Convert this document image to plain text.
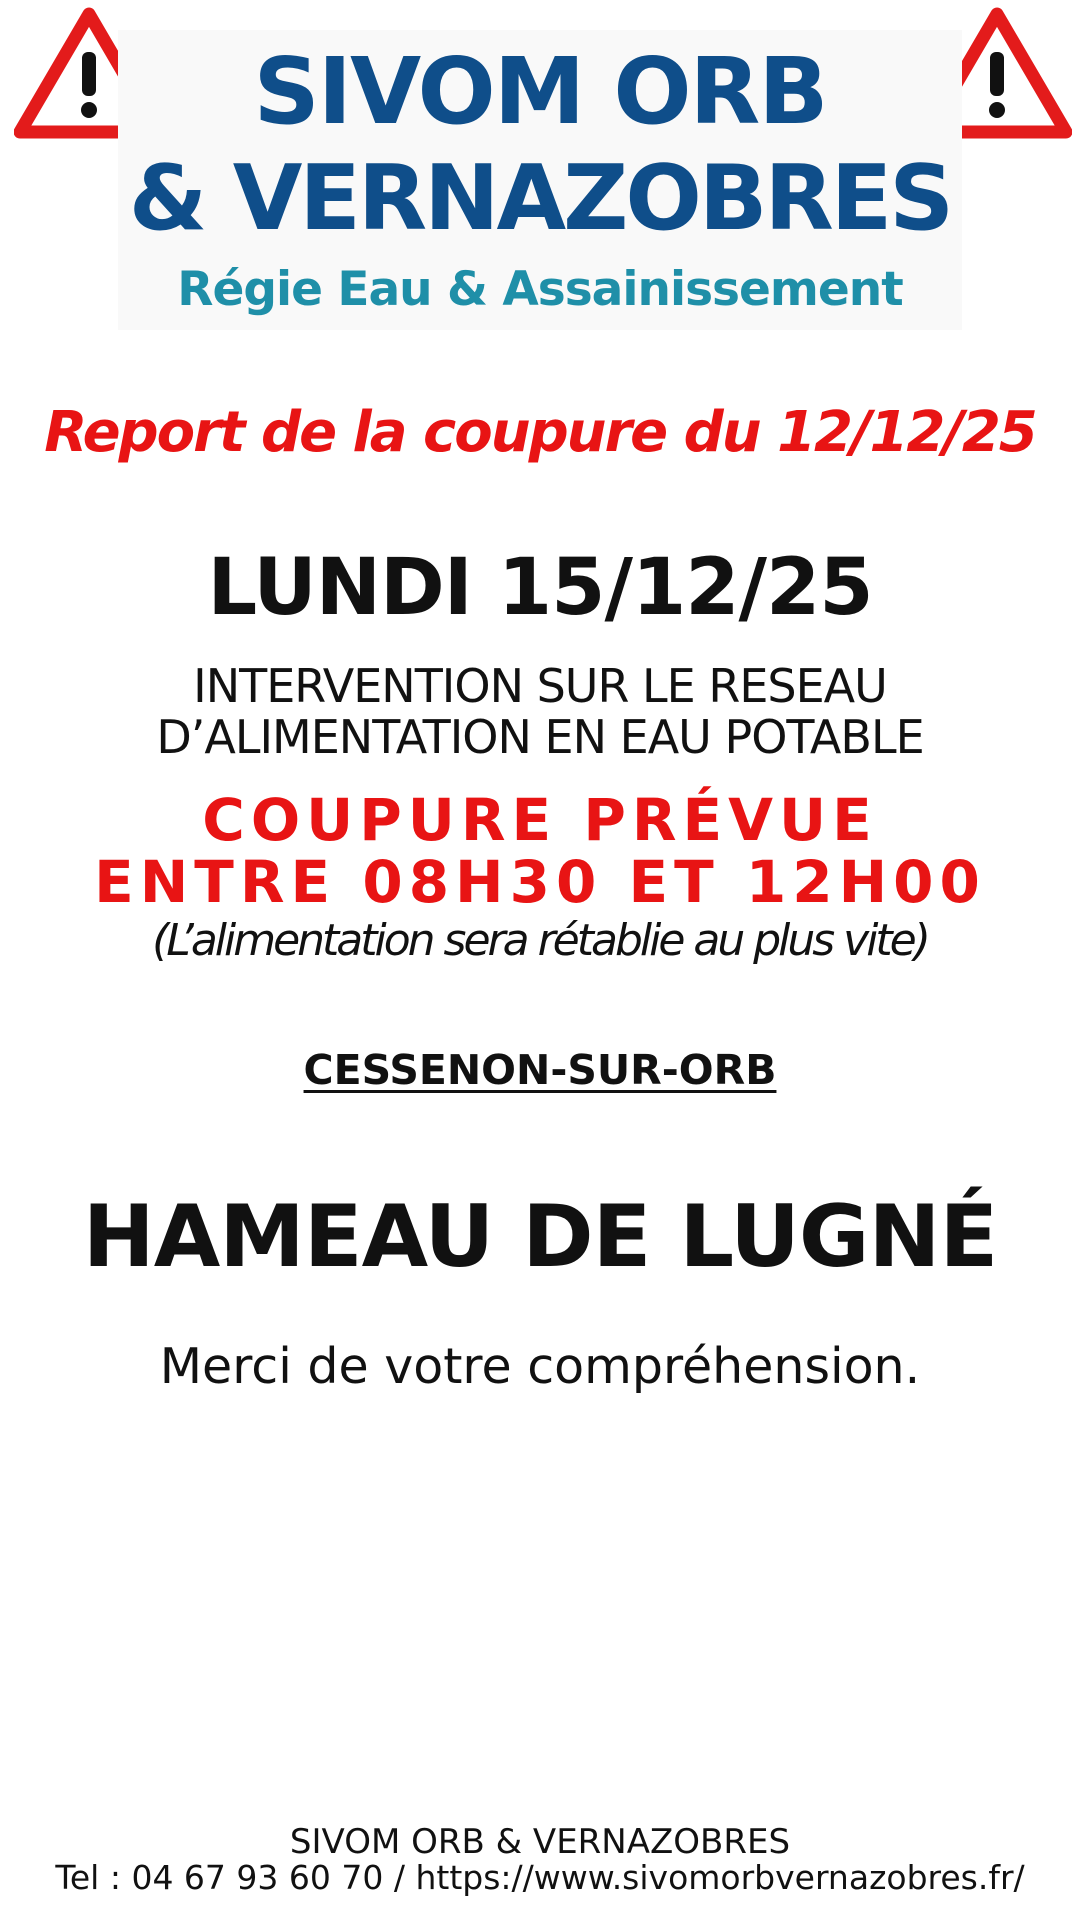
SIVOM ORB
& VERNAZOBRES
Régie Eau & Assainissement
Report de la coupure du 12/12/25
LUNDI 15/12/25
INTERVENTION SUR LE RESEAU
D’ALIMENTATION EN EAU POTABLE
COUPURE PRÉVUE
ENTRE 08H30 ET 12H00
(L’alimentation sera rétablie au plus vite)
CESSENON-SUR-ORB
HAMEAU DE LUGNÉ
Merci de votre compréhension.
SIVOM ORB & VERNAZOBRES
Tel : 04 67 93 60 70 / https://www.sivomorbvernazobres.fr/
